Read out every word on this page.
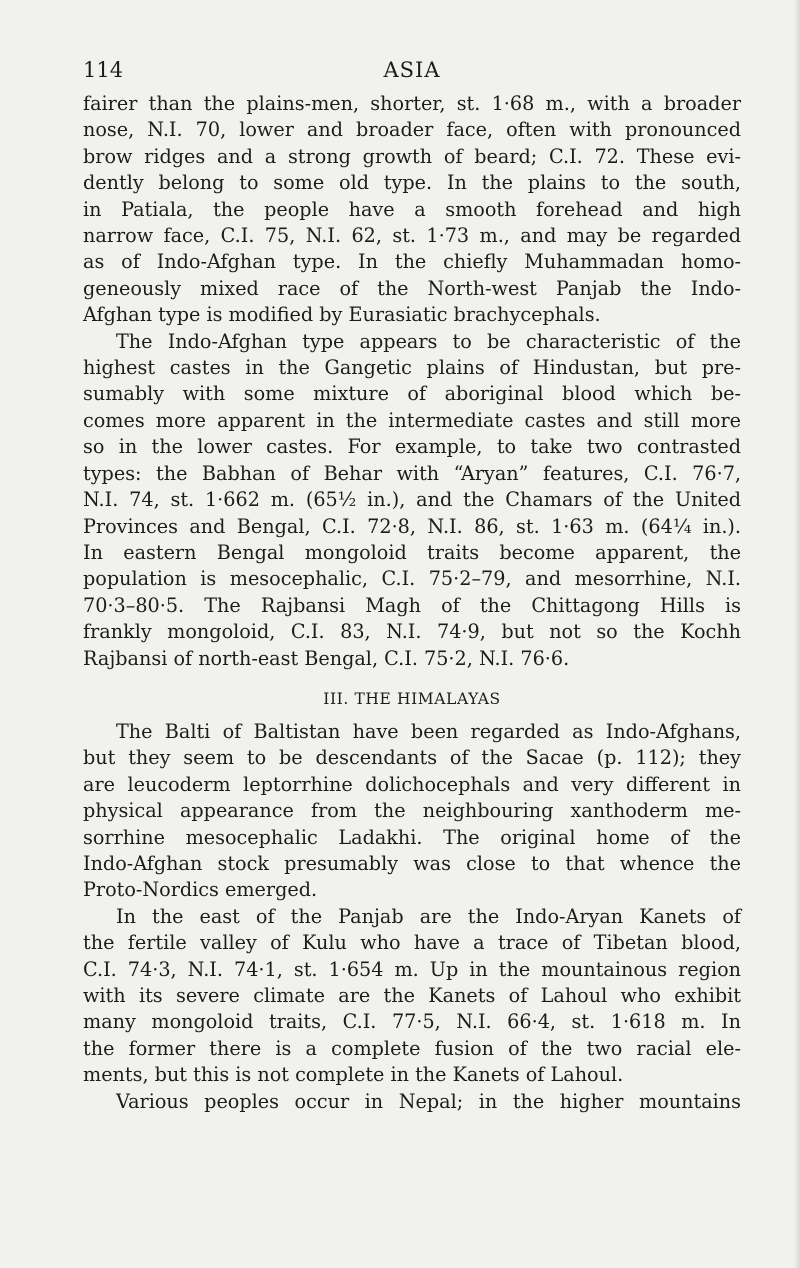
114	ASIA
fairer than the plains-men, shorter, st. 1·68 m., with a broader
nose, N.I. 70, lower and broader face, often with pronounced
brow ridges and a strong growth of beard; C.I. 72. These evi-
dently belong to some old type. In the plains to the south,
in Patiala, the people have a smooth forehead and high
narrow face, C.I. 75, N.I. 62, st. 1·73 m., and may be regarded
as of Indo-Afghan type. In the chiefly Muhammadan homo-
geneously mixed race of the North-west Panjab the Indo-
Afghan type is modified by Eurasiatic brachycephals.
The Indo-Afghan type appears to be characteristic of the
highest castes in the Gangetic plains of Hindustan, but pre-
sumably with some mixture of aboriginal blood which be-
comes more apparent in the intermediate castes and still more
so in the lower castes. For example, to take two contrasted
types: the Babhan of Behar with “Aryan” features, C.I. 76·7,
N.I. 74, st. 1·662 m. (65½ in.), and the Chamars of the United
Provinces and Bengal, C.I. 72·8, N.I. 86, st. 1·63 m. (64¼ in.).
In eastern Bengal mongoloid traits become apparent, the
population is mesocephalic, C.I. 75·2–79, and mesorrhine, N.I.
70·3–80·5. The Rajbansi Magh of the Chittagong Hills is
frankly mongoloid, C.I. 83, N.I. 74·9, but not so the Kochh
Rajbansi of north-east Bengal, C.I. 75·2, N.I. 76·6.
III. THE HIMALAYAS
The Balti of Baltistan have been regarded as Indo-Afghans,
but they seem to be descendants of the Sacae (p. 112); they
are leucoderm leptorrhine dolichocephals and very different in
physical appearance from the neighbouring xanthoderm me-
sorrhine mesocephalic Ladakhi. The original home of the
Indo-Afghan stock presumably was close to that whence the
Proto-Nordics emerged.
In the east of the Panjab are the Indo-Aryan Kanets of
the fertile valley of Kulu who have a trace of Tibetan blood,
C.I. 74·3, N.I. 74·1, st. 1·654 m. Up in the mountainous region
with its severe climate are the Kanets of Lahoul who exhibit
many mongoloid traits, C.I. 77·5, N.I. 66·4, st. 1·618 m. In
the former there is a complete fusion of the two racial ele-
ments, but this is not complete in the Kanets of Lahoul.
Various peoples occur in Nepal; in the higher mountains
